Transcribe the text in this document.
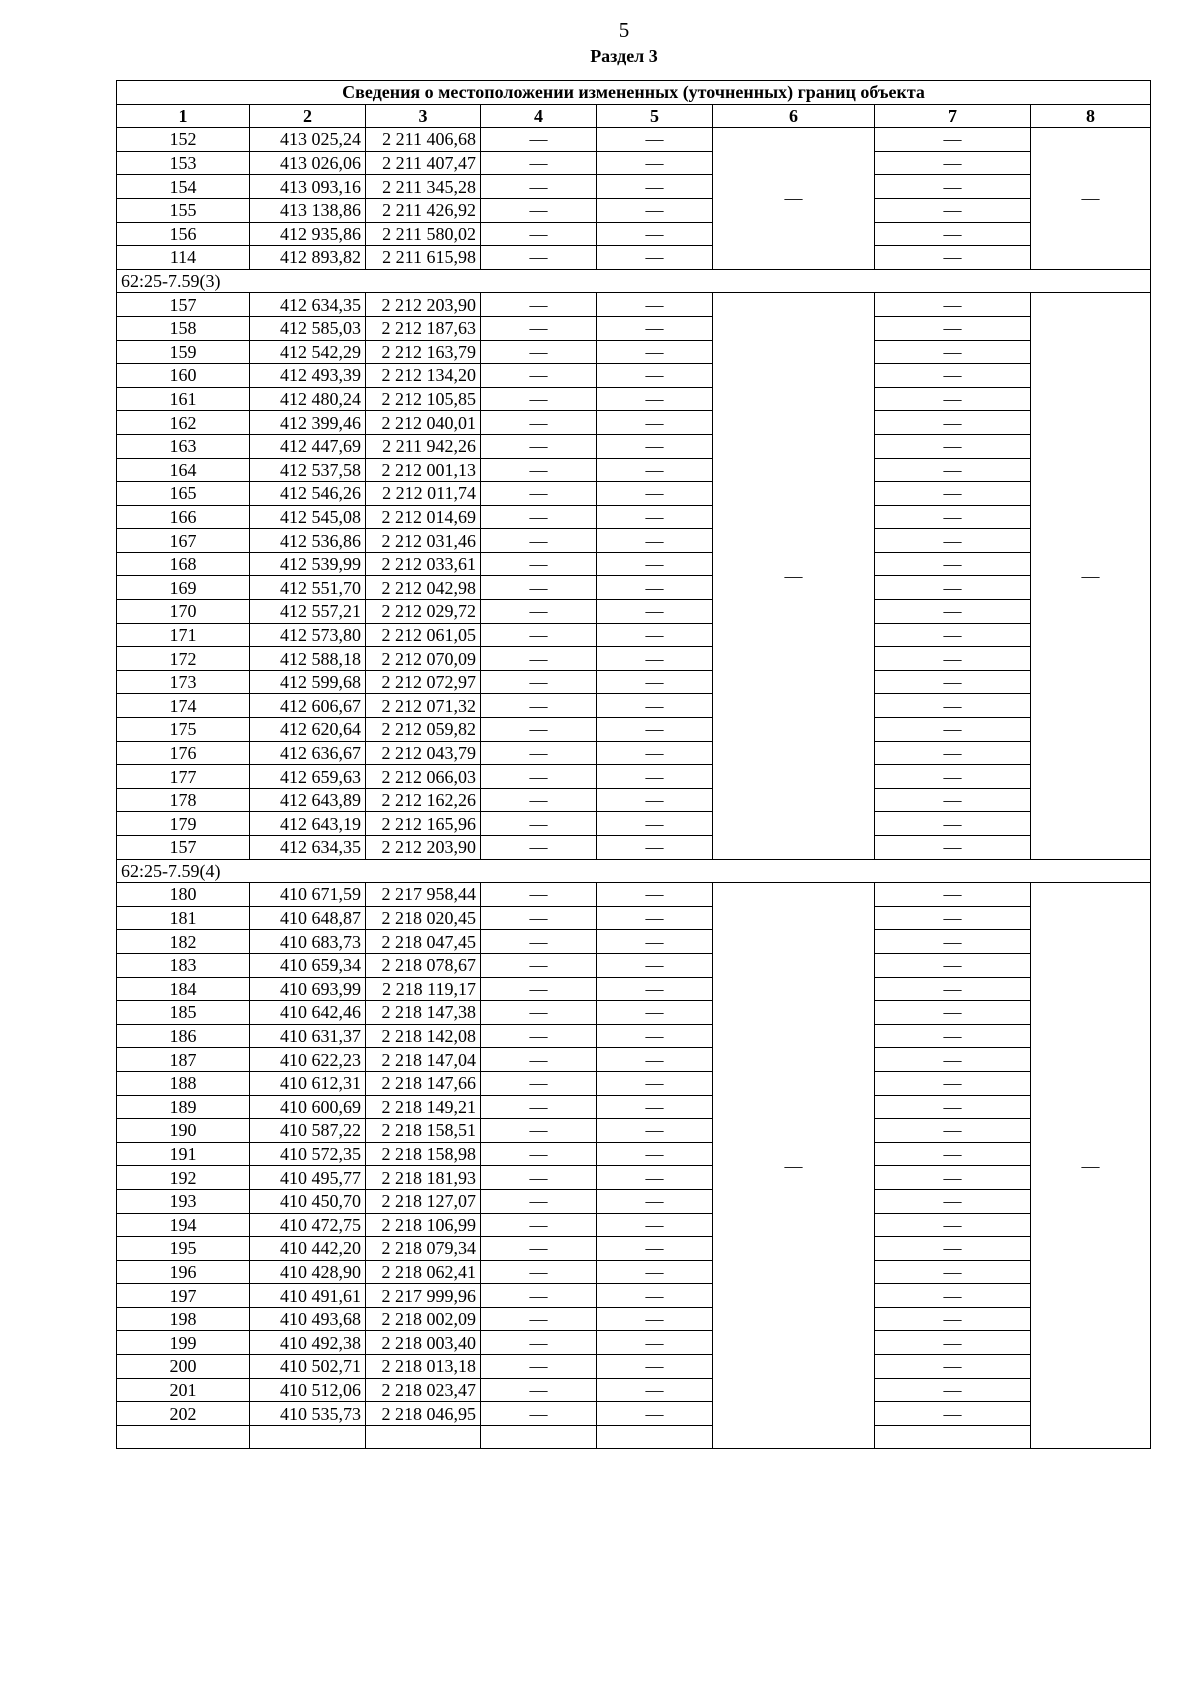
5
Раздел 3
Сведения о местоположении измененных (уточненных) границ объекта							
1	2	3	4	5	6	7	8
152	413 025,24	2 211 406,68	—	—	—	—	—
153	413 026,06	2 211 407,47	—	—		—	
154	413 093,16	2 211 345,28	—	—		—	
155	413 138,86	2 211 426,92	—	—		—	
156	412 935,86	2 211 580,02	—	—		—	
114	412 893,82	2 211 615,98	—	—		—	
62:25-7.59(3)							
157	412 634,35	2 212 203,90	—	—	—	—	—
158	412 585,03	2 212 187,63	—	—		—	
159	412 542,29	2 212 163,79	—	—		—	
160	412 493,39	2 212 134,20	—	—		—	
161	412 480,24	2 212 105,85	—	—		—	
162	412 399,46	2 212 040,01	—	—		—	
163	412 447,69	2 211 942,26	—	—		—	
164	412 537,58	2 212 001,13	—	—		—	
165	412 546,26	2 212 011,74	—	—		—	
166	412 545,08	2 212 014,69	—	—		—	
167	412 536,86	2 212 031,46	—	—		—	
168	412 539,99	2 212 033,61	—	—		—	
169	412 551,70	2 212 042,98	—	—		—	
170	412 557,21	2 212 029,72	—	—		—	
171	412 573,80	2 212 061,05	—	—		—	
172	412 588,18	2 212 070,09	—	—		—	
173	412 599,68	2 212 072,97	—	—		—	
174	412 606,67	2 212 071,32	—	—		—	
175	412 620,64	2 212 059,82	—	—		—	
176	412 636,67	2 212 043,79	—	—		—	
177	412 659,63	2 212 066,03	—	—		—	
178	412 643,89	2 212 162,26	—	—		—	
179	412 643,19	2 212 165,96	—	—		—	
157	412 634,35	2 212 203,90	—	—		—	
62:25-7.59(4)							
180	410 671,59	2 217 958,44	—	—	—	—	—
181	410 648,87	2 218 020,45	—	—		—	
182	410 683,73	2 218 047,45	—	—		—	
183	410 659,34	2 218 078,67	—	—		—	
184	410 693,99	2 218 119,17	—	—		—	
185	410 642,46	2 218 147,38	—	—		—	
186	410 631,37	2 218 142,08	—	—		—	
187	410 622,23	2 218 147,04	—	—		—	
188	410 612,31	2 218 147,66	—	—		—	
189	410 600,69	2 218 149,21	—	—		—	
190	410 587,22	2 218 158,51	—	—		—	
191	410 572,35	2 218 158,98	—	—		—	
192	410 495,77	2 218 181,93	—	—		—	
193	410 450,70	2 218 127,07	—	—		—	
194	410 472,75	2 218 106,99	—	—		—	
195	410 442,20	2 218 079,34	—	—		—	
196	410 428,90	2 218 062,41	—	—		—	
197	410 491,61	2 217 999,96	—	—		—	
198	410 493,68	2 218 002,09	—	—		—	
199	410 492,38	2 218 003,40	—	—		—	
200	410 502,71	2 218 013,18	—	—		—	
201	410 512,06	2 218 023,47	—	—		—	
202	410 535,73	2 218 046,95	—	—		—	
